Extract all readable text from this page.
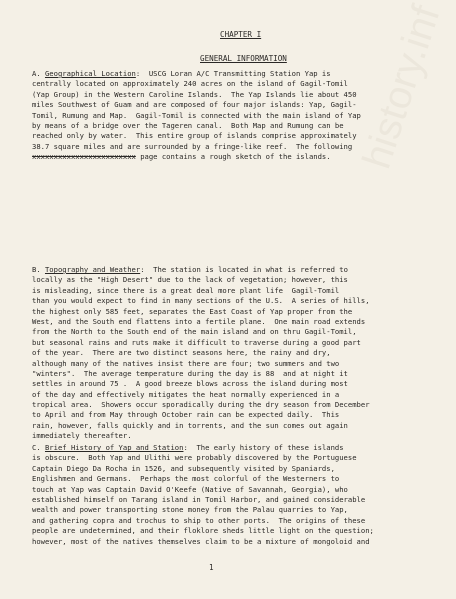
history.inf
CHAPTER I
GENERAL INFORMATION
A. Geographical Location:  USCG Loran A/C Transmitting Station Yap is
centrally located on approximately 240 acres on the island of Gagil-Tomil
(Yap Group) in the Western Caroline Islands.  The Yap Islands lie about 450
miles Southwest of Guam and are composed of four major islands: Yap, Gagil-
Tomil, Rumung and Map.  Gagil-Tomil is connected with the main island of Yap
by means of a bridge over the Tageren canal.  Both Map and Rumung can be
reached only by water.  This entire group of islands comprise approximately
38.7 square miles and are surrounded by a fringe-like reef.  The following
xxxxxxxxxxxxxxxxxxxxxxxx page contains a rough sketch of the islands.
B. Topography and Weather:  The station is located in what is referred to
locally as the "High Desert" due to the lack of vegetation; however, this
is misleading, since there is a great deal more plant life  Gagil-Tomil
than you would expect to find in many sections of the U.S.  A series of hills,
the highest only 585 feet, separates the East Coast of Yap proper from the
West, and the South end flattens into a fertile plane.  One main road extends
from the North to the South end of the main island and on thru Gagil-Tomil,
but seasonal rains and ruts make it difficult to traverse during a good part
of the year.  There are two distinct seasons here, the rainy and dry,
although many of the natives insist there are four; two summers and two
"winters".  The average temperature during the day is 88  and at night it
settles in around 75 .  A good breeze blows across the island during most
of the day and effectively mitigates the heat normally experienced in a
tropical area.  Showers occur sporadically during the dry season from December
to April and from May through October rain can be expected daily.  This
rain, however, falls quickly and in torrents, and the sun comes out again
immediately thereafter.
C. Brief History of Yap and Station:  The early history of these islands
is obscure.  Both Yap and Ulithi were probably discovered by the Portuguese
Captain Diego Da Rocha in 1526, and subsequently visited by Spaniards,
Englishmen and Germans.  Perhaps the most colorful of the Westerners to
touch at Yap was Captain David O'Keefe (Native of Savannah, Georgia), who
established himself on Tarang island in Tomil Harbor, and gained considerable
wealth and power transporting stone money from the Palau quarries to Yap,
and gathering copra and trochus to ship to other ports.  The origins of these
people are undetermined, and their floklore sheds little light on the question;
however, most of the natives themselves claim to be a mixture of mongoloid and
1
